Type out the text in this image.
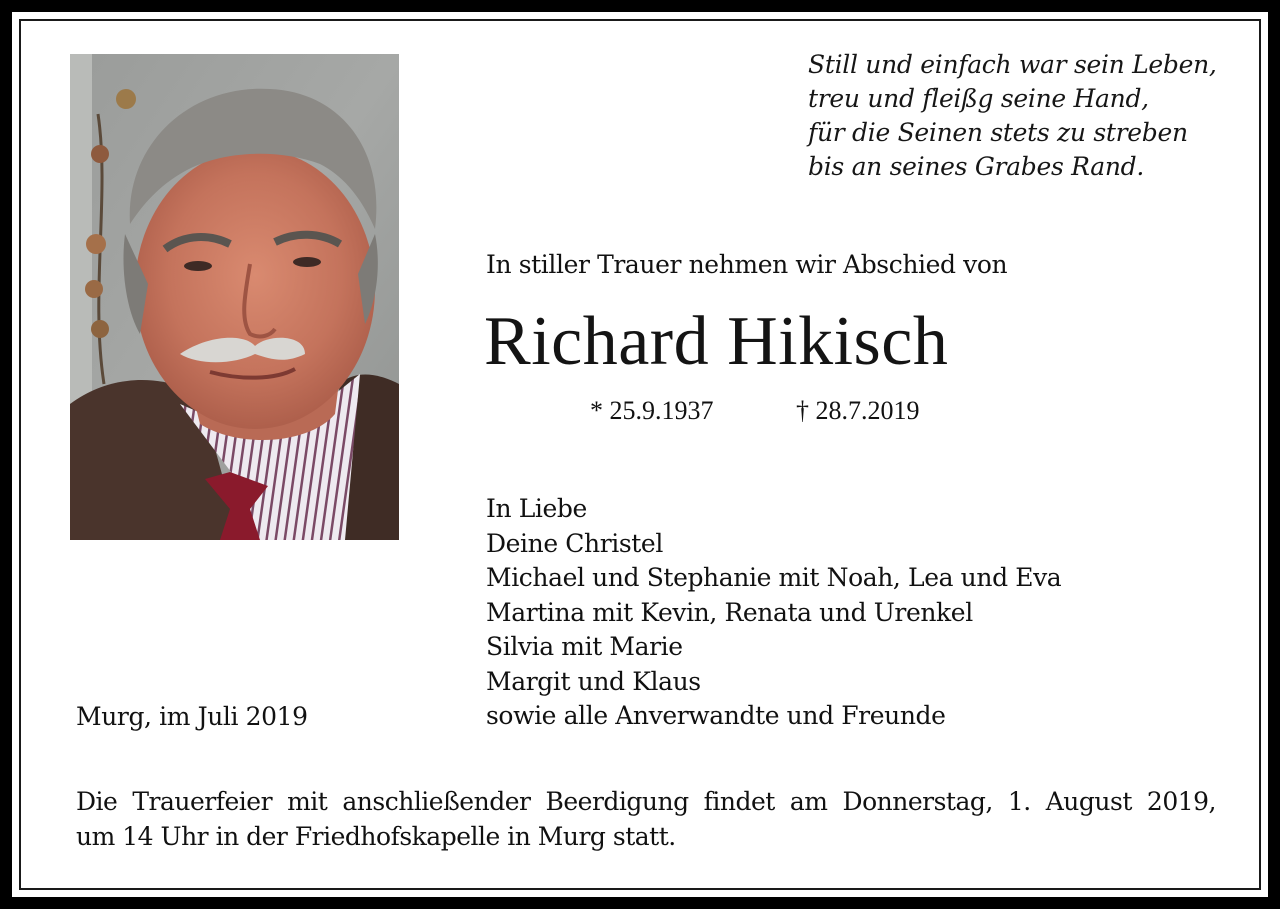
Still und einfach war sein Leben,
treu und fleißg seine Hand,
für die Seinen stets zu streben
bis an seines Grabes Rand.
In stiller Trauer nehmen wir Abschied von
Richard Hikisch
* 25.9.1937	† 28.7.2019
In Liebe
Deine Christel
Michael und Stephanie mit Noah, Lea und Eva
Martina mit Kevin, Renata und Urenkel
Silvia mit Marie
Margit und Klaus
sowie alle Anverwandte und Freunde
Murg, im Juli 2019
Die Trauerfeier mit anschließender Beerdigung findet am Donnerstag, 1. August 2019,
um 14 Uhr in der Friedhofskapelle in Murg statt.
